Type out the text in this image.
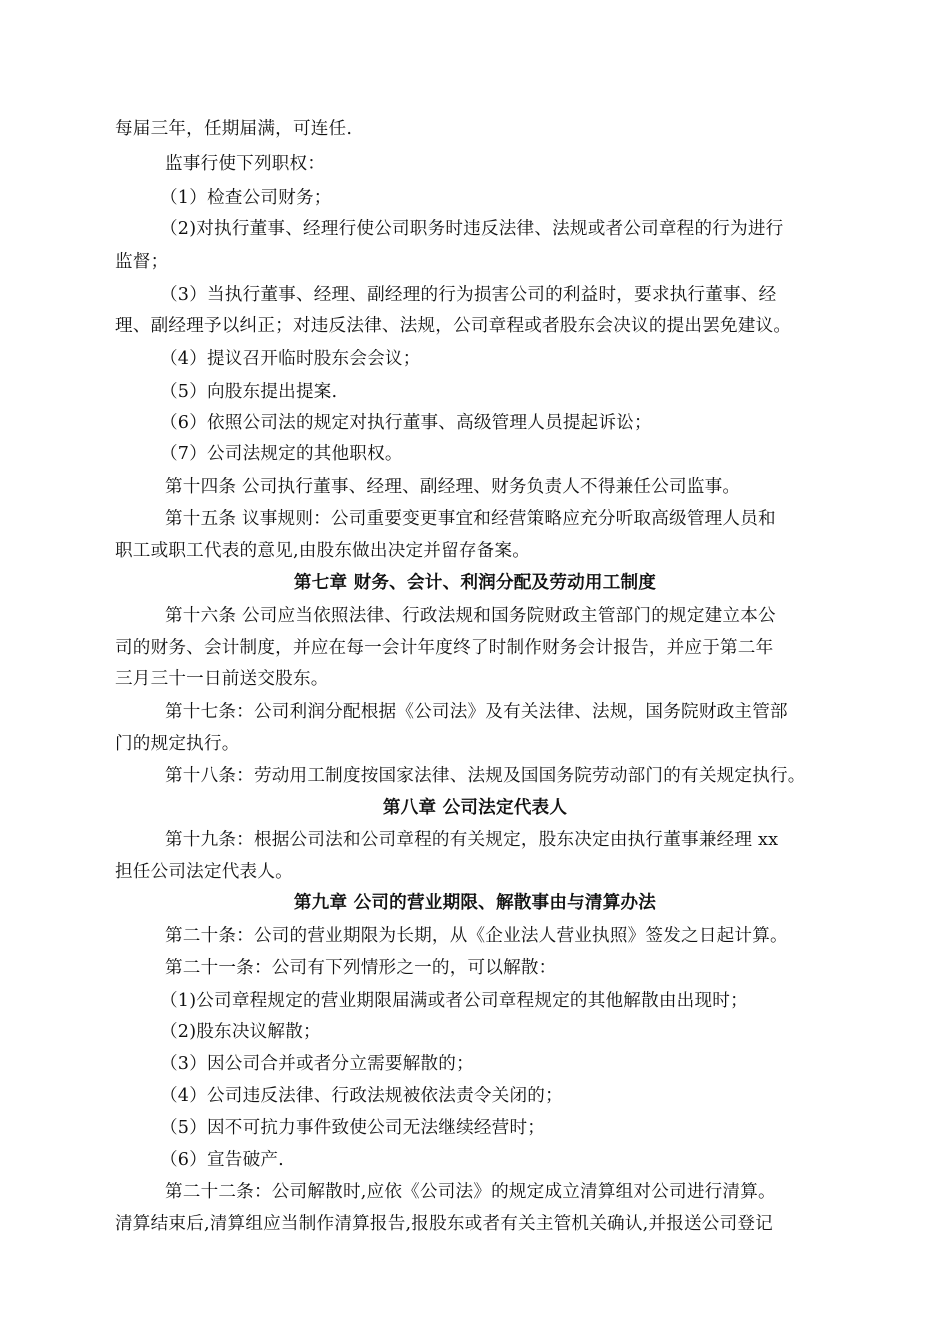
每届三年，任期届满，可连任.
监事行使下列职权：
（1）检查公司财务；
（2)对执行董事、经理行使公司职务时违反法律、法规或者公司章程的行为进行
监督；
（3）当执行董事、经理、副经理的行为损害公司的利益时，要求执行董事、经
理、副经理予以纠正；对违反法律、法规，公司章程或者股东会决议的提出罢免建议。
（4）提议召开临时股东会会议；
（5）向股东提出提案.
（6）依照公司法的规定对执行董事、高级管理人员提起诉讼；
（7）公司法规定的其他职权。
第十四条 公司执行董事、经理、副经理、财务负责人不得兼任公司监事。
第十五条 议事规则：公司重要变更事宜和经营策略应充分听取高级管理人员和
职工或职工代表的意见,由股东做出决定并留存备案。
第七章 财务、会计、利润分配及劳动用工制度
第十六条 公司应当依照法律、行政法规和国务院财政主管部门的规定建立本公
司的财务、会计制度，并应在每一会计年度终了时制作财务会计报告，并应于第二年
三月三十一日前送交股东。
第十七条：公司利润分配根据《公司法》及有关法律、法规，国务院财政主管部
门的规定执行。
第十八条：劳动用工制度按国家法律、法规及国国务院劳动部门的有关规定执行。
第八章 公司法定代表人
第十九条：根据公司法和公司章程的有关规定，股东决定由执行董事兼经理 xx
担任公司法定代表人。
第九章 公司的营业期限、解散事由与清算办法
第二十条：公司的营业期限为长期，从《企业法人营业执照》签发之日起计算。
第二十一条：公司有下列情形之一的，可以解散：
（1)公司章程规定的营业期限届满或者公司章程规定的其他解散由出现时；
（2)股东决议解散；
（3）因公司合并或者分立需要解散的；
（4）公司违反法律、行政法规被依法责令关闭的；
（5）因不可抗力事件致使公司无法继续经营时；
（6）宣告破产.
第二十二条：公司解散时,应依《公司法》的规定成立清算组对公司进行清算。
清算结束后,清算组应当制作清算报告,报股东或者有关主管机关确认,并报送公司登记
